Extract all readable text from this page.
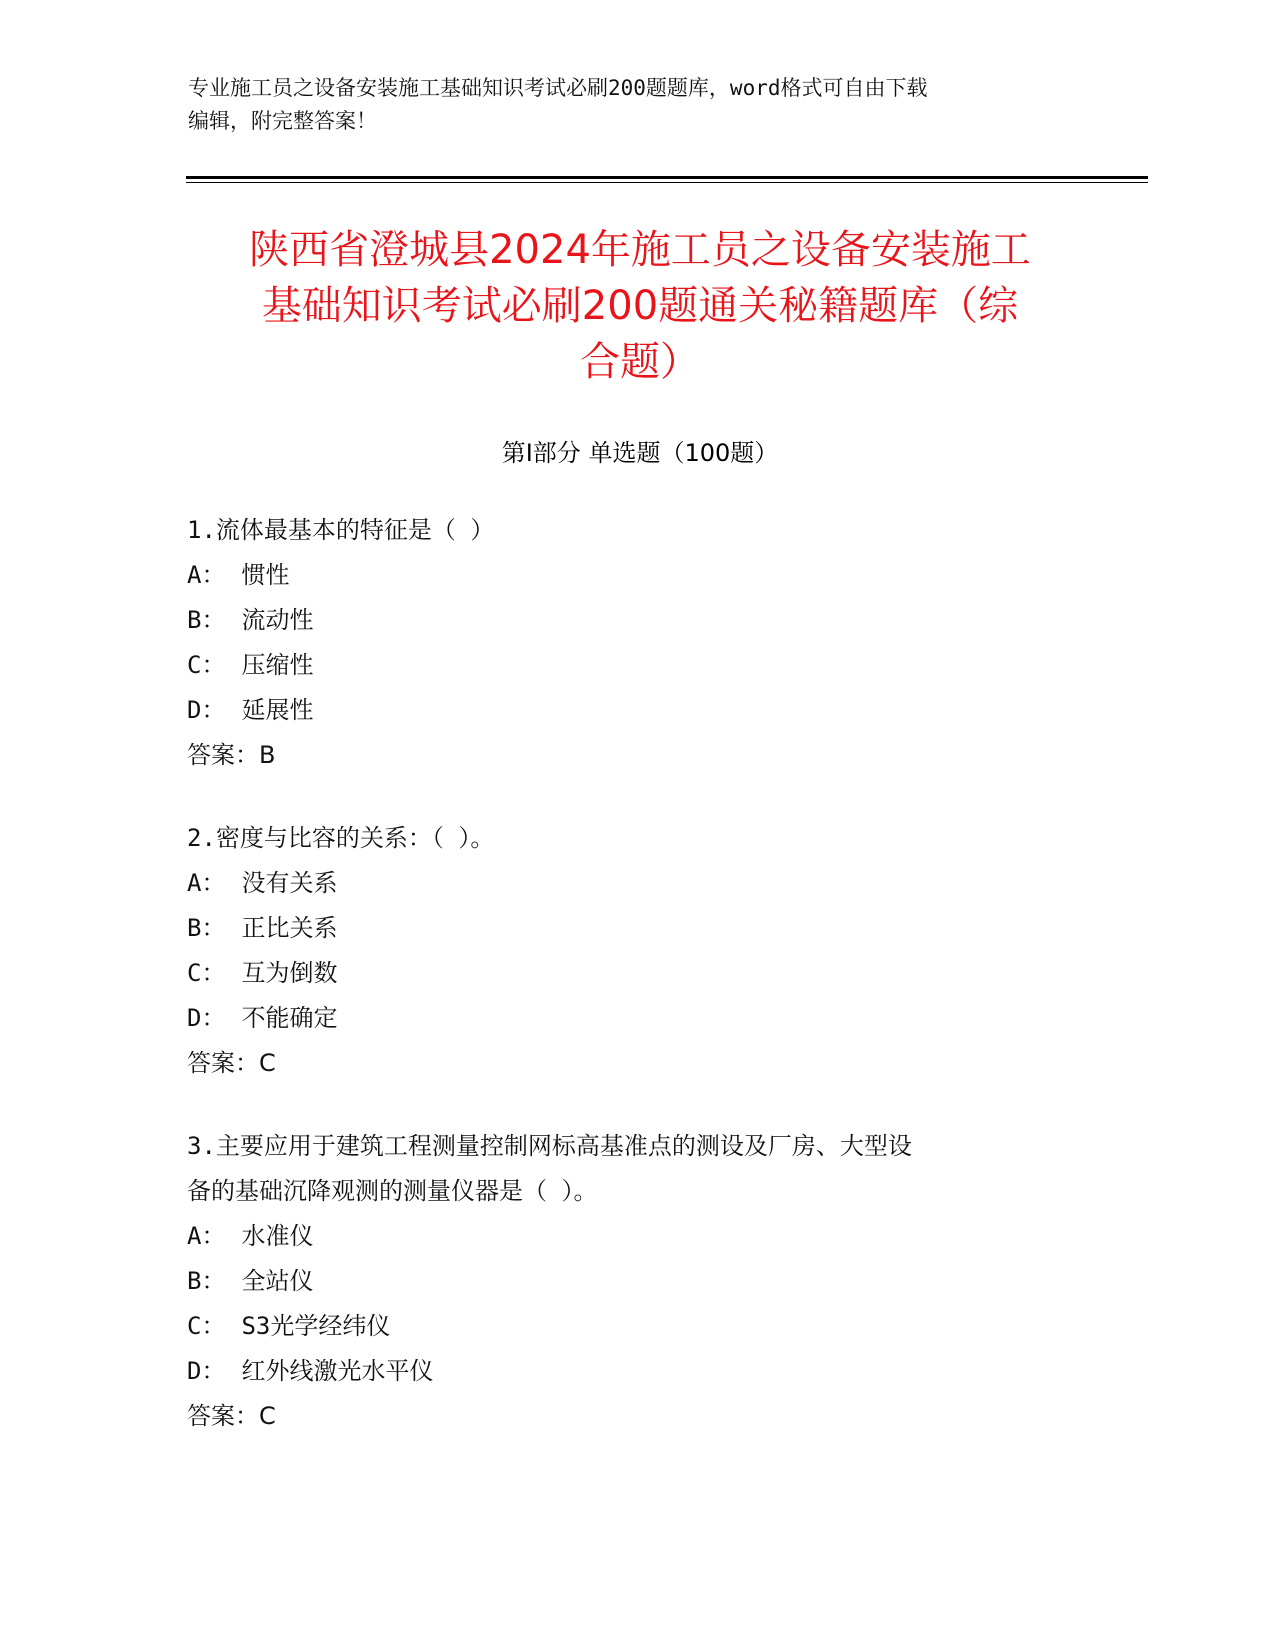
专业施工员之设备安装施工基础知识考试必刷200题题库，word格式可自由下载
编辑，附完整答案！
陕西省澄城县2024年施工员之设备安装施工
基础知识考试必刷200题通关秘籍题库（综
合题）
第Ⅰ部分 单选题（100题）

1.流体最基本的特征是（ ）

A： 惯性

B： 流动性

C： 压缩性

D： 延展性

答案：B

2.密度与比容的关系：（ ）。

A： 没有关系

B： 正比关系

C： 互为倒数

D： 不能确定

答案：C

3.主要应用于建筑工程测量控制网标高基准点的测设及厂房、大型设

备的基础沉降观测的测量仪器是（ ）。

A： 水准仪

B： 全站仪

C： S3光学经纬仪

D： 红外线激光水平仪

答案：C
